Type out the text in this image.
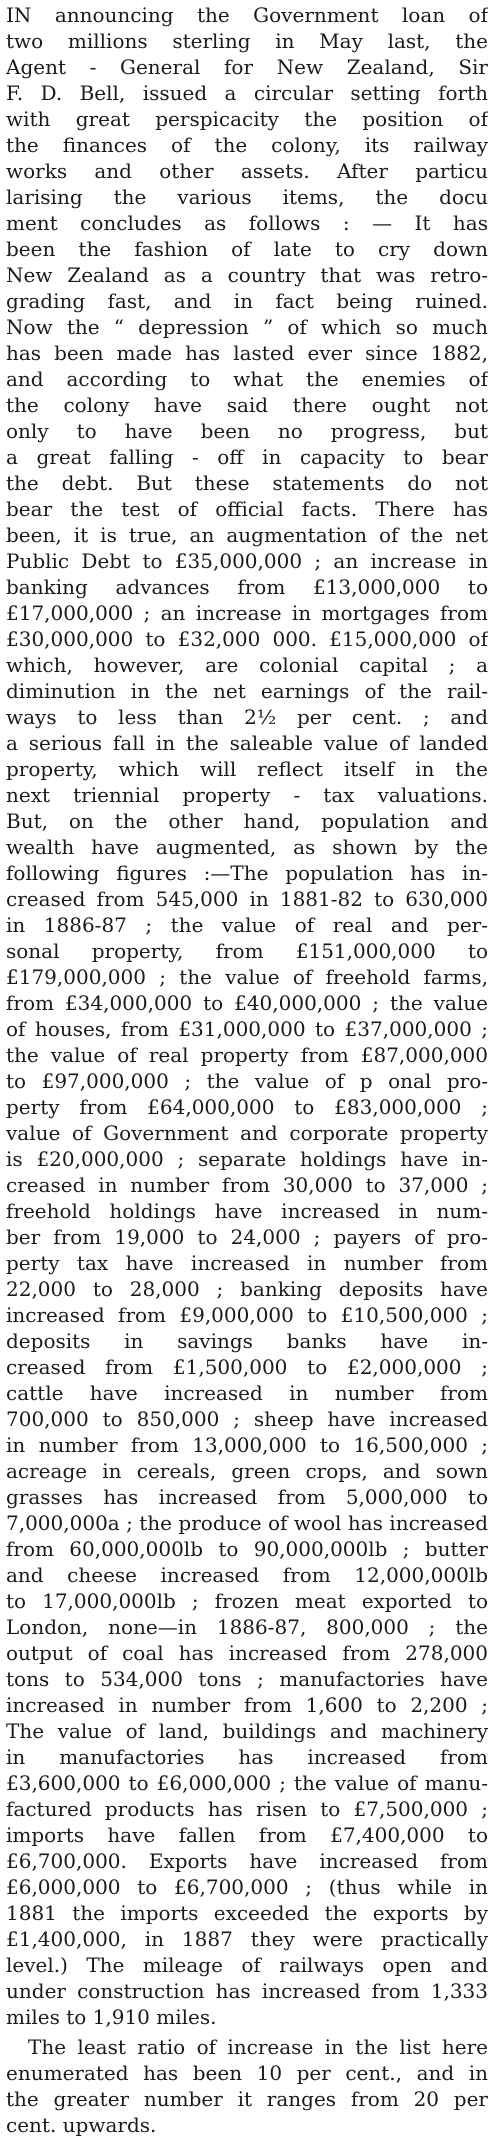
IN announcing the Government loan of
two millions sterling in May last, the
Agent - General for New Zealand, Sir
F. D. Bell, issued a circular setting forth
with great perspicacity the position of
the finances of the colony, its railway
works and other assets. After particu
larising the various items, the docu
ment concludes as follows : — It has
been the fashion of late to cry down
New Zealand as a country that was retro-
grading fast, and in fact being ruined.
Now the “ depression ” of which so much
has been made has lasted ever since 1882,
and according to what the enemies of
the colony have said there ought not
only to have been no progress, but
a great falling - off in capacity to bear
the debt. But these statements do not
bear the test of official facts. There has
been, it is true, an augmentation of the net
Public Debt to £35,000,000 ; an increase in
banking advances from £13,000,000 to
£17,000,000 ; an increase in mortgages from
£30,000,000 to £32,000 000. £15,000,000 of
which, however, are colonial capital ; a
diminution in the net earnings of the rail-
ways to less than 2½ per cent. ; and
a serious fall in the saleable value of landed
property, which will reflect itself in the
next triennial property - tax valuations.
But, on the other hand, population and
wealth have augmented, as shown by the
following figures :—The population has in-
creased from 545,000 in 1881-82 to 630,000
in 1886-87 ; the value of real and per-
sonal property, from £151,000,000 to
£179,000,000 ; the value of freehold farms,
from £34,000,000 to £40,000,000 ; the value
of houses, from £31,000,000 to £37,000,000 ;
the value of real property from £87,000,000
to £97,000,000 ; the value of p onal pro-
perty from £64,000,000 to £83,000,000 ;
value of Government and corporate property
is £20,000,000 ; separate holdings have in-
creased in number from 30,000 to 37,000 ;
freehold holdings have increased in num-
ber from 19,000 to 24,000 ; payers of pro-
perty tax have increased in number from
22,000 to 28,000 ; banking deposits have
increased from £9,000,000 to £10,500,000 ;
deposits in savings banks have in-
creased from £1,500,000 to £2,000,000 ;
cattle have increased in number from
700,000 to 850,000 ; sheep have increased
in number from 13,000,000 to 16,500,000 ;
acreage in cereals, green crops, and sown
grasses has increased from 5,000,000 to
7,000,000a ; the produce of wool has increased
from 60,000,000lb to 90,000,000lb ; butter
and cheese increased from 12,000,000lb
to 17,000,000lb ; frozen meat exported to
London, none—in 1886-87, 800,000 ; the
output of coal has increased from 278,000
tons to 534,000 tons ; manufactories have
increased in number from 1,600 to 2,200 ;
The value of land, buildings and machinery
in manufactories has increased from
£3,600,000 to £6,000,000 ; the value of manu-
factured products has risen to £7,500,000 ;
imports have fallen from £7,400,000 to
£6,700,000. Exports have increased from
£6,000,000 to £6,700,000 ; (thus while in
1881 the imports exceeded the exports by
£1,400,000, in 1887 they were practically
level.) The mileage of railways open and
under construction has increased from 1,333
miles to 1,910 miles.
The least ratio of increase in the list here
enumerated has been 10 per cent., and in
the greater number it ranges from 20 per
cent. upwards.
